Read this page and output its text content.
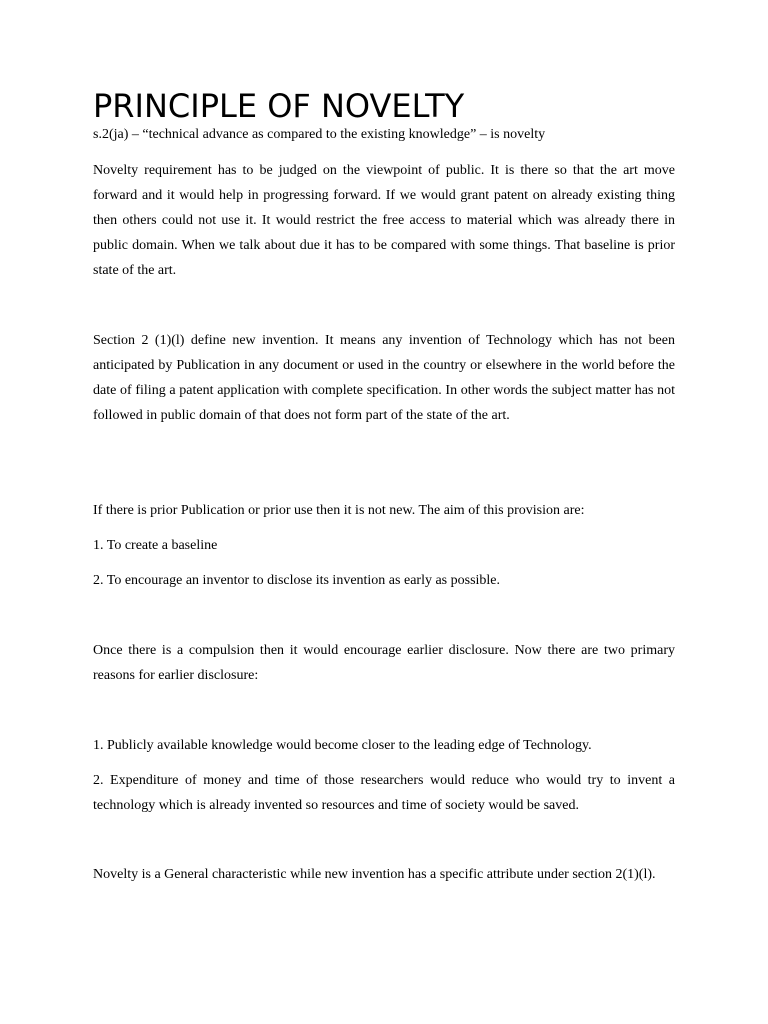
PRINCIPLE OF NOVELTY

s.2(ja) – “technical advance as compared to the existing knowledge” – is novelty

Novelty requirement has to be judged on the viewpoint of public. It is there so that the art move forward and it would help in progressing forward. If we would grant patent on already existing thing then others could not use it. It would restrict the free access to material which was already there in public domain. When we talk about due it has to be compared with some things. That baseline is prior state of the art.

Section 2 (1)(l) define new invention. It means any invention of Technology which has not been anticipated by Publication in any document or used in the country or elsewhere in the world before the date of filing a patent application with complete specification. In other words the subject matter has not followed in public domain of that does not form part of the state of the art.

If there is prior Publication or prior use then it is not new. The aim of this provision are:

1. To create a baseline

2. To encourage an inventor to disclose its invention as early as possible.

Once there is a compulsion then it would encourage earlier disclosure. Now there are two primary reasons for earlier disclosure:

1. Publicly available knowledge would become closer to the leading edge of Technology.

2. Expenditure of money and time of those researchers would reduce who would try to invent a technology which is already invented so resources and time of society would be saved.

Novelty is a General characteristic while new invention has a specific attribute under section 2(1)(l).
